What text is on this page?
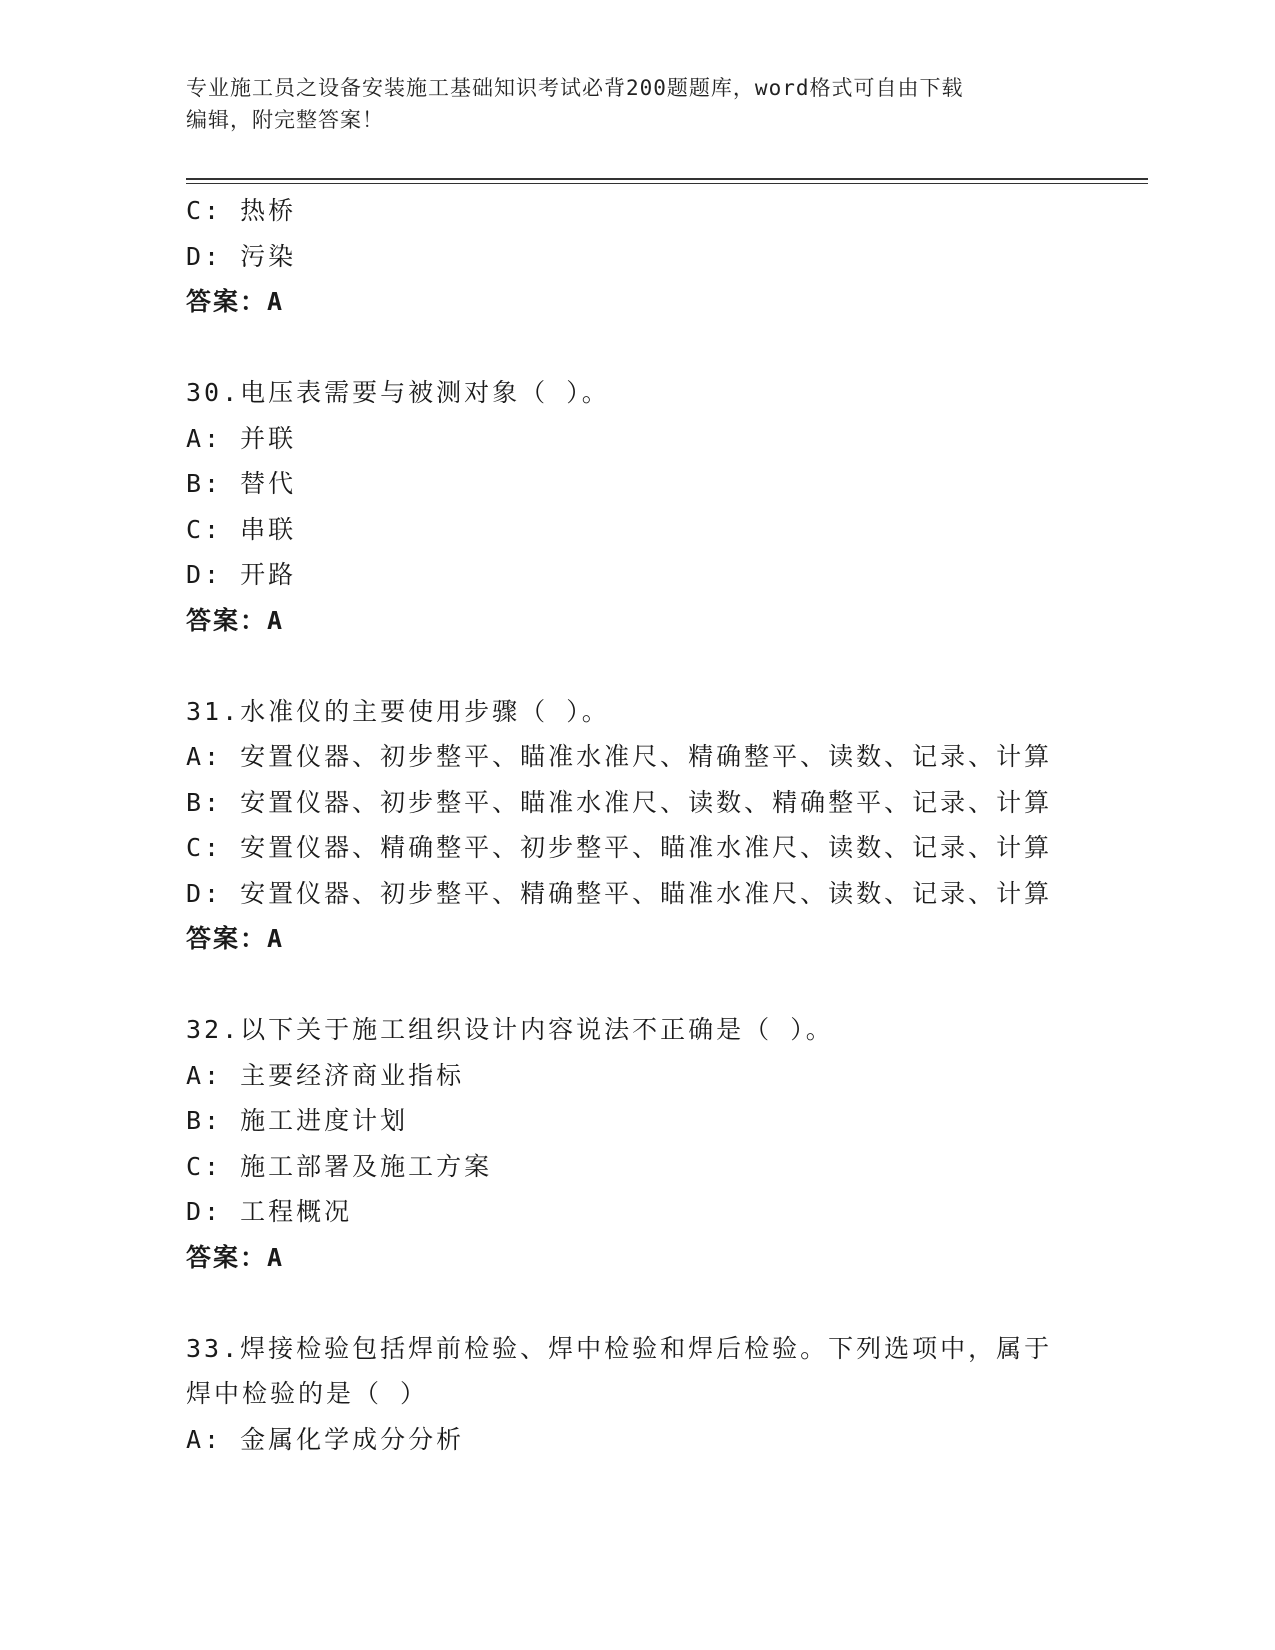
专业施工员之设备安装施工基础知识考试必背200题题库，word格式可自由下载
编辑，附完整答案！
C: 热桥
D: 污染
答案：A
30.电压表需要与被测对象（ ）。
A: 并联
B: 替代
C: 串联
D: 开路
答案：A
31.水准仪的主要使用步骤（ ）。
A: 安置仪器、初步整平、瞄准水准尺、精确整平、读数、记录、计算
B: 安置仪器、初步整平、瞄准水准尺、读数、精确整平、记录、计算
C: 安置仪器、精确整平、初步整平、瞄准水准尺、读数、记录、计算
D: 安置仪器、初步整平、精确整平、瞄准水准尺、读数、记录、计算
答案：A
32.以下关于施工组织设计内容说法不正确是（ ）。
A: 主要经济商业指标
B: 施工进度计划
C: 施工部署及施工方案
D: 工程概况
答案：A
33.焊接检验包括焊前检验、焊中检验和焊后检验。下列选项中，属于
焊中检验的是（ ）
A: 金属化学成分分析
